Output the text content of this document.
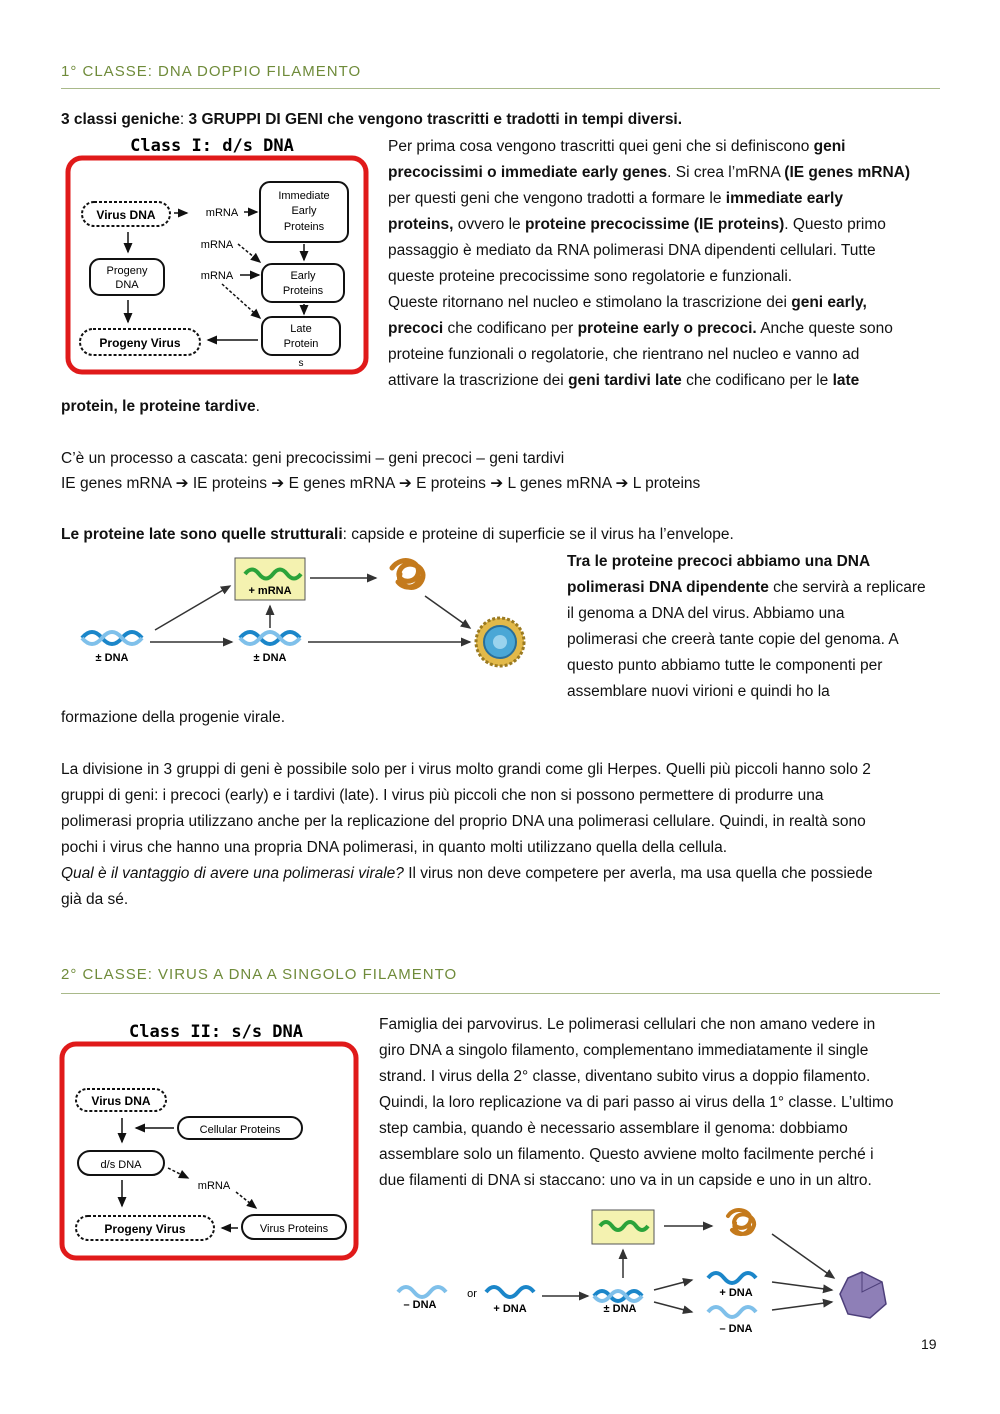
1° CLASSE: DNA DOPPIO FILAMENTO
3 classi geniche: 3 GRUPPI DI GENI che vengono trascritti e tradotti in tempi diversi.
Class I: d/s DNA
Virus DNA
Progeny
DNA
Progeny Virus
Immediate
Early
Proteins
Early
Proteins
Late
Protein
s
mRNA
mRNA
mRNA
Per prima cosa vengono trascritti quei geni che si definiscono geni
precocissimi o immediate early genes. Si crea l’mRNA (IE genes mRNA)
per questi geni che vengono tradotti a formare le immediate early
proteins, ovvero le proteine precocissime (IE proteins). Questo primo
passaggio è mediato da RNA polimerasi DNA dipendenti cellulari. Tutte
queste proteine precocissime sono regolatorie e funzionali.
Queste ritornano nel nucleo e stimolano la trascrizione dei geni early,
precoci che codificano per proteine early o precoci. Anche queste sono
proteine funzionali o regolatorie, che rientrano nel nucleo e vanno ad
attivare la trascrizione dei geni tardivi late che codificano per le late
protein, le proteine tardive.
C’è un processo a cascata: geni precocissimi – geni precoci – geni tardivi
IE genes mRNA ➔ IE proteins ➔ E genes mRNA ➔ E proteins ➔ L genes mRNA ➔ L proteins
Le proteine late sono quelle strutturali: capside e proteine di superficie se il virus ha l’envelope.
± DNA	± DNA
+ mRNA
Tra le proteine precoci abbiamo una DNA
polimerasi DNA dipendente che servirà a replicare
il genoma a DNA del virus. Abbiamo una
polimerasi che creerà tante copie del genoma. A
questo punto abbiamo tutte le componenti per
assemblare nuovi virioni e quindi ho la
formazione della progenie virale.
La divisione in 3 gruppi di geni è possibile solo per i virus molto grandi come gli Herpes. Quelli più piccoli hanno solo 2
gruppi di geni: i precoci (early) e i tardivi (late). I virus più piccoli che non si possono permettere di produrre una
polimerasi propria utilizzano anche per la replicazione del proprio DNA una polimerasi cellulare. Quindi, in realtà sono
pochi i virus che hanno una propria DNA polimerasi, in quanto molti utilizzano quella della cellula.
Qual è il vantaggio di avere una polimerasi virale? Il virus non deve competere per averla, ma usa quella che possiede
già da sé.
2° CLASSE: VIRUS A DNA A SINGOLO FILAMENTO
Class II: s/s DNA
Virus DNA
Cellular Proteins
d/s DNA
mRNA
Progeny Virus	Virus Proteins
Famiglia dei parvovirus. Le polimerasi cellulari che non amano vedere in
giro DNA a singolo filamento, complementano immediatamente il single
strand. I virus della 2° classe, diventano subito virus a doppio filamento.
Quindi, la loro replicazione va di pari passo ai virus della 1° classe. L’ultimo
step cambia, quando è necessario assemblare il genoma: dobbiamo
assemblare solo un filamento. Questo avviene molto facilmente perché i
due filamenti di DNA si staccano: uno va in un capside e uno in un altro.
– DNA
or
+ DNA	± DNA
+ DNA
– DNA
19
